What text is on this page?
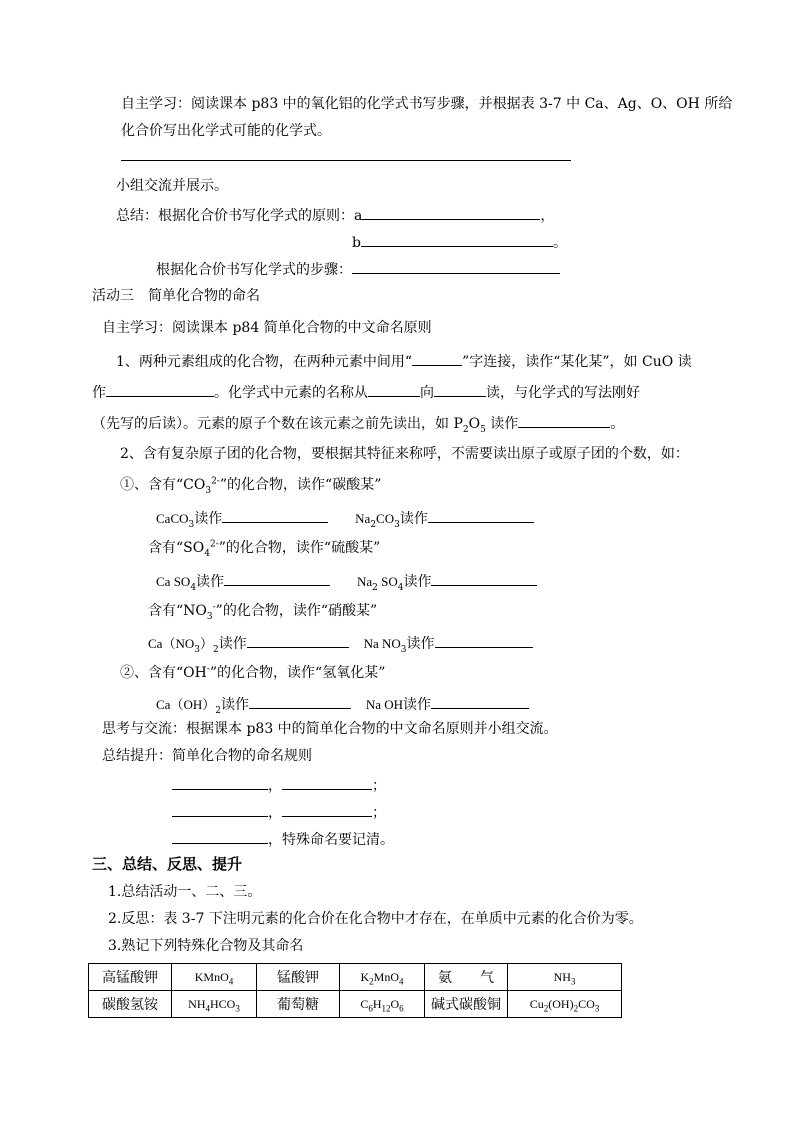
自主学习：阅读课本 p83 中的氧化铝的化学式书写步骤，并根据表 3-7 中 Ca、Ag、O、OH 所给
化合价写出化学式可能的化学式。
小组交流并展示。
总结：根据化合价书写化学式的原则：a	，
b	。
根据化合价书写化学式的步骤：
活动三　简单化合物的命名
自主学习：阅读课本 p84 简单化合物的中文命名原则
1、两种元素组成的化合物，在两种元素中间用“	”字连接，读作“某化某”，如 CuO 读
作	。化学式中元素的名称从	向	读，与化学式的写法刚好
（先写的后读）。元素的原子个数在该元素之前先读出，如 $P_2O_5$ 读作	。
2、含有复杂原子团的化合物，要根据其特征来称呼，不需要读出原子或原子团的个数，如：
①、含有“$CO_3^{2-}$”的化合物，读作“碳酸某”
CaCO$_3$读作	$Na_2CO_3$读作
含有“$SO_4^{2-}$”的化合物，读作“硫酸某”
Ca $SO_4$读作	$Na_2$ $SO_4$读作
含有“$NO_3^-$”的化合物，读作“硝酸某”
$Ca(NO_3)_2$读作	Na $NO_3$读作
②、含有“OH-”的化合物，读作“氢氧化某”
$Ca(OH)_2$读作	Na OH读作
思考与交流：根据课本 p83 中的简单化合物的中文命名原则并小组交流。
总结提升：简单化合物的命名规则
，	；
，	；
，特殊命名要记清。
三、总结、反思、提升
1.总结活动一、二、三。
2.反思：表 3-7 下注明元素的化合价在化合物中才存在，在单质中元素的化合价为零。
3.熟记下列特殊化合物及其命名
高锰酸钾	KMnO$_4$	锰酸钾	$K_2MnO_4$	氨　　气	$NH_3$
碳酸氢铵	$NH_4HCO_3$	葡萄糖	$C_6H_{12}O_6$	碱式碳酸铜	$Cu_2(OH)_2CO_3$
